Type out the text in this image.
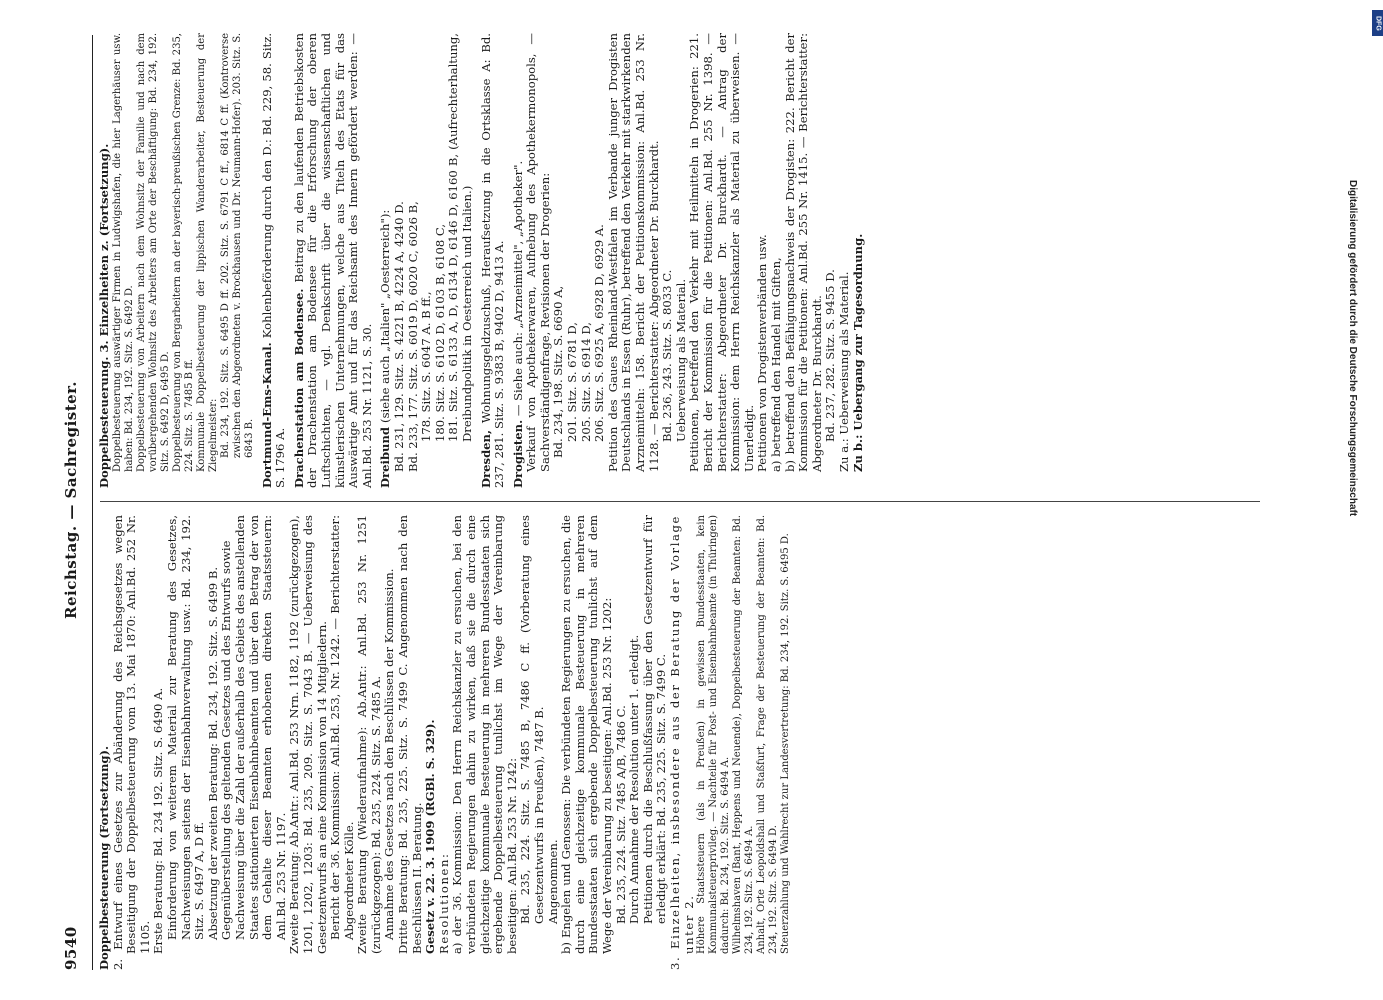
9540
Reichstag. — Sachregister.

Doppelbesteuerung (Fortsetzung). 2. Entwurf eines Gesetzes zur Abänderung des Reichsgesetzes wegen Beseitigung der Doppelbesteuerung vom 13. Mai 1870: Anl.Bd. 252 Nr. 1105. Erste Beratung: Bd. 234 192. Sitz. S. 6490 A. Einforderung von weiterem Material zur Beratung des Gesetzes, Nachweisungen seitens der Eisenbahnverwaltung usw.: Bd. 234, 192. Sitz. S. 6497 A, D ff. Absetzung der zweiten Beratung: Bd. 234, 192. Sitz. S. 6499 B. Gegenüberstellung des geltenden Gesetzes und des Entwurfs sowie Nachweisung über die Zahl der außerhalb des Gebiets des anstellenden Staates stationierten Eisenbahnbeamten und über den Betrag der von dem Gehalte dieser Beamten erhobenen direkten Staatssteuern: Anl.Bd. 253 Nr. 1197. Zweite Beratung: Ab.Antr.: Anl.Bd. 253 Nrn. 1182, 1192 (zurückgezogen), 1201, 1202, 1203: Bd. 235, 209. Sitz. S. 7043 B. — Ueberweisung des Gesetzentwurfs an eine Kommission von 14 Mitgliedern. Bericht der 36. Kommission: Anl.Bd. 253, Nr. 1242. — Berichterstatter: Abgeordneter Kölle. Zweite Beratung (Wiederaufnahme): Ab.Antr.: Anl.Bd. 253 Nr. 1251 (zurückgezogen): Bd. 235, 224. Sitz. S. 7485 A. Annahme des Gesetzes nach den Beschlüssen der Kommission. Dritte Beratung: Bd. 235, 225. Sitz. S. 7499 C. Angenommen nach den Beschlüssen II. Beratung. Gesetz v. 22. 3. 1909 (RGBl. S. 329). Resolutionen: a) der 36. Kommission: Den Herrn Reichskanzler zu ersuchen, bei den verbündeten Regierungen dahin zu wirken, daß sie die durch eine gleichzeitige kommunale Besteuerung in mehreren Bundesstaaten sich ergebende Doppelbesteuerung tunlichst im Wege der Vereinbarung beseitigen: Anl.Bd. 253 Nr. 1242: Bd. 235, 224. Sitz. S. 7485 B, 7486 C ff. (Vorberatung eines Gesetzentwurfs in Preußen), 7487 B. Angenommen. b) Engelen und Genossen: Die verbündeten Regierungen zu ersuchen, die durch eine gleichzeitige kommunale Besteuerung in mehreren Bundesstaaten sich ergebende Doppelbesteuerung tunlichst auf dem Wege der Vereinbarung zu beseitigen: Anl.Bd. 253 Nr. 1202: Bd. 235, 224. Sitz. 7485 A/B, 7486 C. Durch Annahme der Resolution unter 1. erledigt. Petitionen durch die Beschlußfassung über den Gesetzentwurf für erledigt erklärt: Bd. 235, 225. Sitz. S. 7499 C. 3. Einzelheiten, insbesondere aus der Beratung der Vorlage unter 2. Höhere Staatssteuern (als in Preußen) in gewissen Bundesstaaten, kein Kommunalsteuerprivileg. — Nachteile für Post- und Eisenbahnbeamte (in Thüringen) dadurch: Bd. 234, 192. Sitz. S. 6494 A. Wilhelmshaven (Bant, Heppens und Neuende), Doppelbesteuerung der Beamten: Bd. 234, 192. Sitz. S. 6494 A. Anhalt, Orte Leopoldshall und Staßfurt, Frage der Besteuerung der Beamten: Bd. 234, 192. Sitz. S. 6494 D. Steuerzahlung und Wahlrecht zur Landesvertretung: Bd. 234, 192. Sitz. S. 6495 D.

Doppelbesteuerung. 3. Einzelheiten z. (Fortsetzung). Doppelbesteuerung auswärtiger Firmen in Ludwigshafen, die hier Lagerhäuser usw. haben: Bd. 234, 192. Sitz. S. 6492 D. Doppelbesteuerung von Arbeitern nach dem Wohnsitz der Familie und nach dem vorübergehenden Wohnsitz des Arbeiters am Orte der Beschäftigung: Bd. 234, 192. Sitz. S. 6492 D, 6495 D. Doppelbesteuerung von Bergarbeitern an der bayerisch-preußischen Grenze: Bd. 235, 224. Sitz. S. 7485 B ff. Kommunale Doppelbesteuerung der lippischen Wanderarbeiter, Besteuerung der Ziegelmeister: Bd. 234, 192. Sitz. S. 6495 D ff. 202. Sitz. S. 6791 C ff., 6814 C ff. (Kontroverse zwischen den Abgeordneten v. Brockhausen und Dr. Neumann-Hofer). 203. Sitz. S. 6843 B. Dortmund-Ems-Kanal. Kohlenbeförderung durch den D.: Bd. 229, 58. Sitz. S. 1796 A. Drachenstation am Bodensee. Beitrag zu den laufenden Betriebskosten der Drachenstation am Bodensee für die Erforschung der oberen Luftschichten, — vgl. Denkschrift über die wissenschaftlichen und künstlerischen Unternehmungen, welche aus Titeln des Etats für das Auswärtige Amt und für das Reichsamt des Innern gefördert werden: — Anl.Bd. 253 Nr. 1121, S. 30. Dreibund (siehe auch „Italien" „Oesterreich"): Bd. 231, 129. Sitz. S. 4221 B, 4224 A, 4240 D. Bd. 233, 177. Sitz. S. 6019 D, 6020 C, 6026 B, 178. Sitz. S. 6047 A. B ff., 180. Sitz. S. 6102 D, 6103 B, 6108 C, 181. Sitz. S. 6133 A, D, 6134 D, 6146 D, 6160 B, (Aufrechterhaltung, Dreibundpolitik in Oesterreich und Italien.)

Dresden, Wohnungsgeldzuschuß, Heraufsetzung in die Ortsklasse A: Bd. 237, 281. Sitz. S. 9383 B, 9402 D, 9413 A. Drogisten. — Siehe auch: „Arzneimittel", „Apotheker". Verkauf von Apothekerwaren, Aufhebung des Apothekermonopols, — Sachverständigenfrage, Revisionen der Drogerien: Bd. 234, 198. Sitz. S. 6690 A, 201. Sitz. S. 6781 D, 205. Sitz. S. 6914 D, 206. Sitz. S. 6925 A, 6928 D, 6929 A. Petition des Gaues Rheinland-Westfalen im Verbande junger Drogisten Deutschlands in Essen (Ruhr), betreffend den Verkehr mit starkwirkenden Arzneimitteln: 158. Bericht der Petitionskommission: Anl.Bd. 253 Nr. 1128. — Berichterstatter: Abgeordneter Dr. Burckhardt. Bd. 236, 243. Sitz. S. 8033 C. Ueberweisung als Material. Petitionen, betreffend den Verkehr mit Heilmitteln in Drogerien: 221. Bericht der Kommission für die Petitionen: Anl.Bd. 255 Nr. 1398. — Berichterstatter: Abgeordneter Dr. Burckhardt. — Antrag der Kommission: dem Herrn Reichskanzler als Material zu überweisen. — Unerledigt. Petitionen von Drogistenverbänden usw. a) betreffend den Handel mit Giften, b) betreffend den Befähigungsnachweis der Drogisten: 222. Bericht der Kommission für die Petitionen: Anl.Bd. 255 Nr. 1415. — Berichterstatter: Abgeordneter Dr. Burckhardt. Bd. 237, 282. Sitz. S. 9455 D. Zu a.: Ueberweisung als Material. Zu b.: Uebergang zur Tagesordnung.	Digitalisierung gefördert durch die Deutsche Forschungsgemeinschaft
DFG
